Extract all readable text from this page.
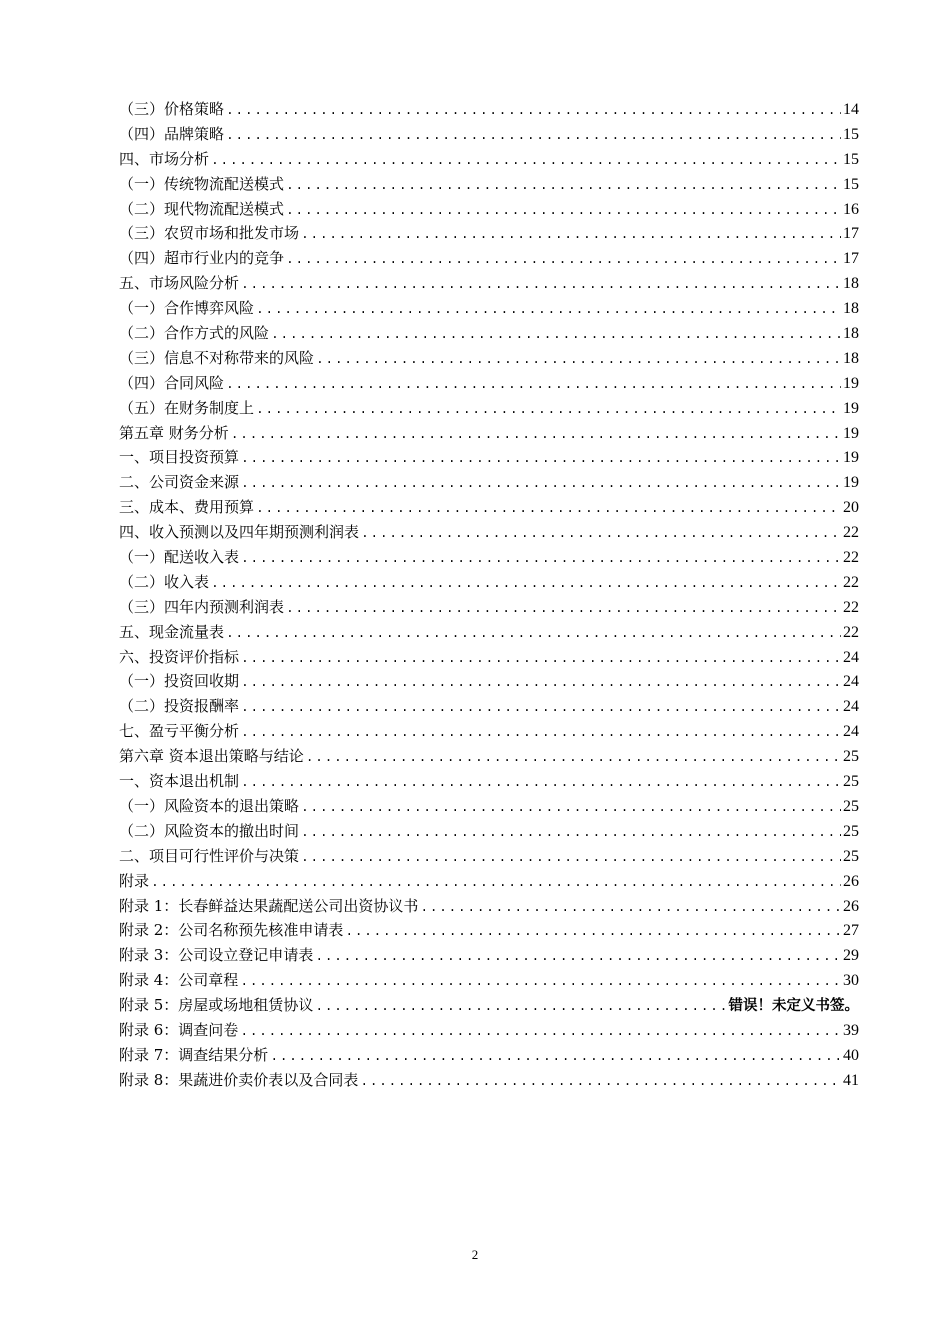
（三）价格策略 .....	14
（四）品牌策略 .....	15
四、市场分析 .....	15
（一）传统物流配送模式 .....	15
（二）现代物流配送模式 .....	16
（三）农贸市场和批发市场 .....	17
（四）超市行业内的竞争 .....	17
五、市场风险分析 .....	18
（一）合作博弈风险 .....	18
（二）合作方式的风险 .....	18
（三）信息不对称带来的风险 .....	18
（四）合同风险 .....	19
（五）在财务制度上 .....	19
第五章 财务分析 .....	19
一、项目投资预算 .....	19
二、公司资金来源 .....	19
三、成本、费用预算 .....	20
四、收入预测以及四年期预测利润表 .....	22
（一）配送收入表 .....	22
（二）收入表 .....	22
（三）四年内预测利润表 .....	22
五、现金流量表 .....	22
六、投资评价指标 .....	24
（一）投资回收期 .....	24
（二）投资报酬率 .....	24
七、盈亏平衡分析 .....	24
第六章 资本退出策略与结论 .....	25
一、资本退出机制 .....	25
（一）风险资本的退出策略 .....	25
（二）风险资本的撤出时间 .....	25
二、项目可行性评价与决策 .....	25
附录 .....	26
附录 1：长春鲜益达果蔬配送公司出资协议书 .....	26
附录 2：公司名称预先核准申请表 .....	27
附录 3：公司设立登记申请表 .....	29
附录 4：公司章程 .....	30
附录 5：房屋或场地租赁协议 .....	错误！未定义书签。
附录 6：调查问卷 .....	39
附录 7：调查结果分析 .....	40
附录 8：果蔬进价卖价表以及合同表 .....	41
2
